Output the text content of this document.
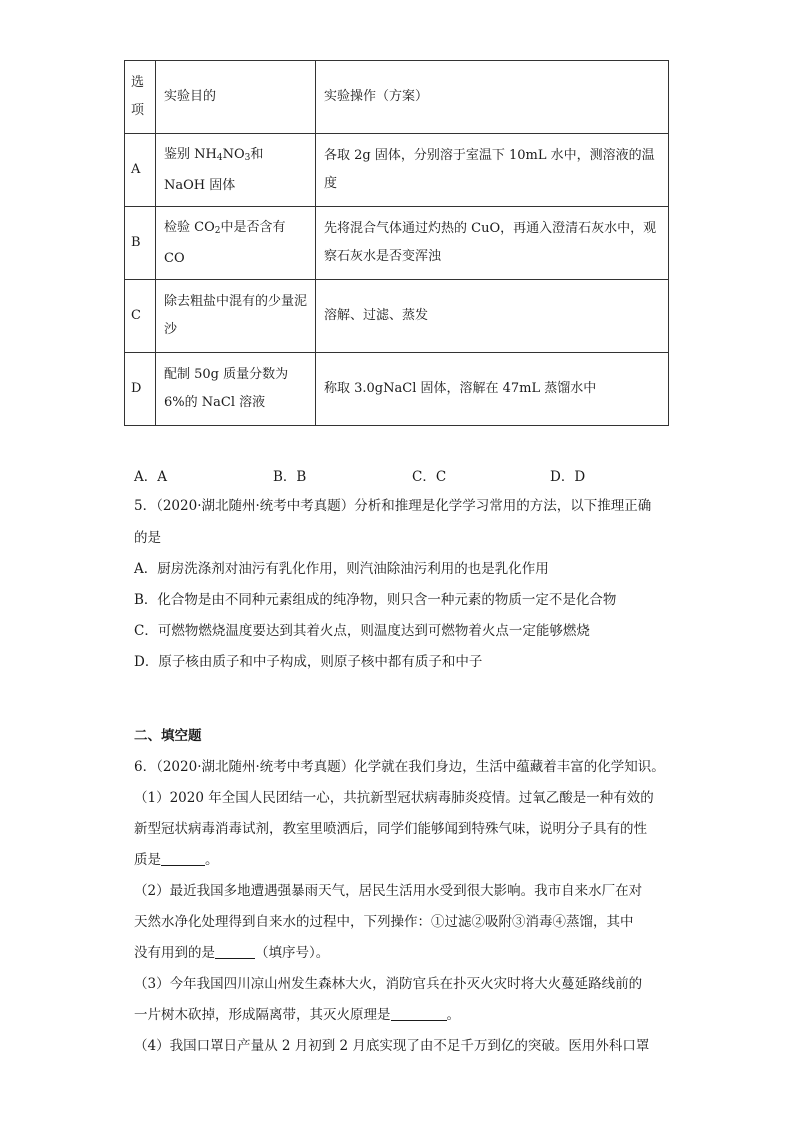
选项	实验目的	实验操作（方案）
A	鉴别 $NH_4NO_3$和 NaOH 固体	各取 2g 固体，分别溶于室温下 10mL 水中，测溶液的温度
B	检验 $CO_2$中是否含有 CO	先将混合气体通过灼热的 CuO，再通入澄清石灰水中，观察石灰水是否变浑浊
C	除去粗盐中混有的少量泥沙	溶解、过滤、蒸发
D	配制 50g 质量分数为 6%的 NaCl 溶液	称取 3.0gNaCl 固体，溶解在 47mL 蒸馏水中
A．A	B．B	C．C	D．D
5．（2020·湖北随州·统考中考真题）分析和推理是化学学习常用的方法，以下推理正确
的是
A．厨房洗涤剂对油污有乳化作用，则汽油除油污利用的也是乳化作用
B．化合物是由不同种元素组成的纯净物，则只含一种元素的物质一定不是化合物
C．可燃物燃烧温度要达到其着火点，则温度达到可燃物着火点一定能够燃烧
D．原子核由质子和中子构成，则原子核中都有质子和中子
二、填空题
6．（2020·湖北随州·统考中考真题）化学就在我们身边，生活中蕴藏着丰富的化学知识。
（1）2020 年全国人民团结一心，共抗新型冠状病毒肺炎疫情。过氧乙酸是一种有效的
新型冠状病毒消毒试剂，教室里喷洒后，同学们能够闻到特殊气味，说明分子具有的性
质是	。
（2）最近我国多地遭遇强暴雨天气，居民生活用水受到很大影响。我市自来水厂在对
天然水净化处理得到自来水的过程中，下列操作：①过滤②吸附③消毒④蒸馏，其中
没有用到的是	（填序号）。
（3）今年我国四川凉山州发生森林大火，消防官兵在扑灭火灾时将大火蔓延路线前的
一片树木砍掉，形成隔离带，其灭火原理是	。
（4）我国口罩日产量从 2 月初到 2 月底实现了由不足千万到亿的突破。医用外科口罩
